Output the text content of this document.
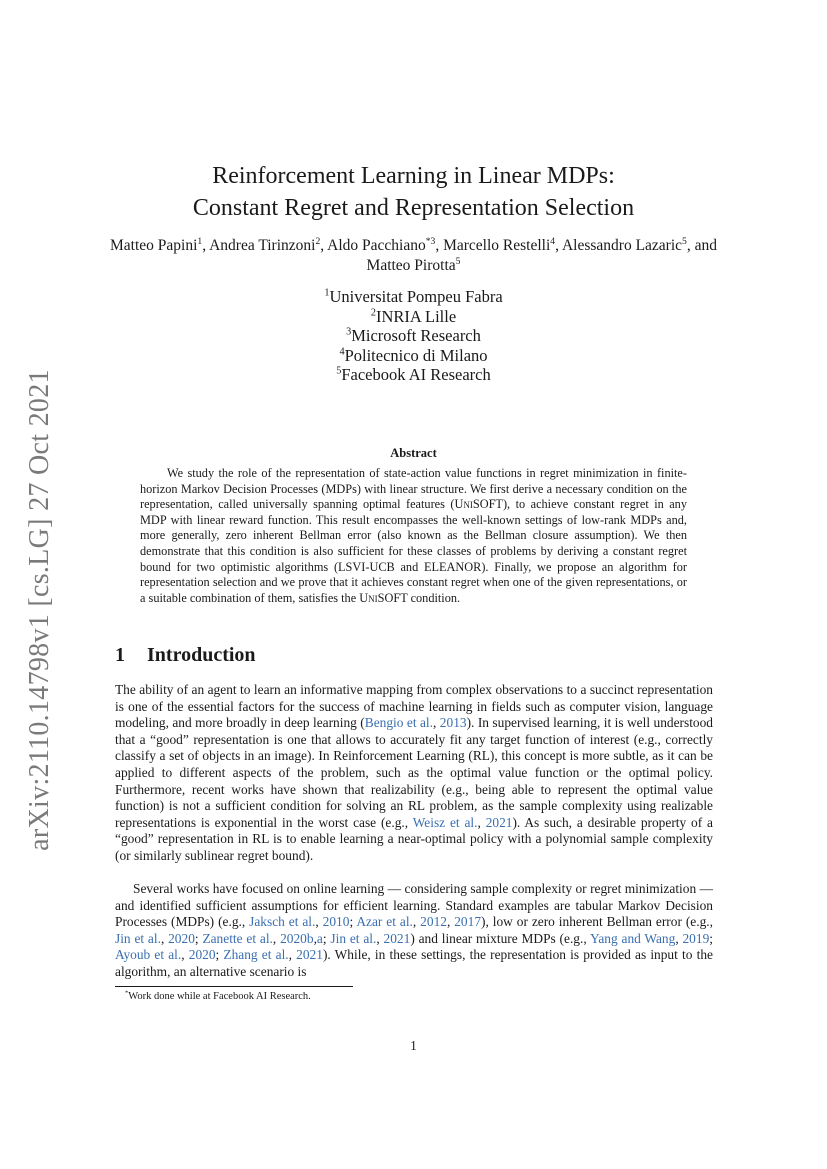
arXiv:2110.14798v1 [cs.LG] 27 Oct 2021
Reinforcement Learning in Linear MDPs:
Constant Regret and Representation Selection
Matteo Papini$^1$, Andrea Tirinzoni$^2$, Aldo Pacchiano$^{*3}$, Marcello Restelli$^4$, Alessandro Lazaric$^5$, and Matteo Pirotta$^5$
$^1$Universitat Pompeu Fabra
$^2$INRIA Lille
$^3$Microsoft Research
$^4$Politecnico di Milano
$^5$Facebook AI Research
Abstract

We study the role of the representation of state-action value functions in regret minimization in finite-horizon Markov Decision Processes (MDPs) with linear structure. We first derive a necessary condition on the representation, called universally spanning optimal features (UniSOFT), to achieve constant regret in any MDP with linear reward function. This result encompasses the well-known settings of low-rank MDPs and, more generally, zero inherent Bellman error (also known as the Bellman closure assumption). We then demonstrate that this condition is also sufficient for these classes of problems by deriving a constant regret bound for two optimistic algorithms (LSVI-UCB and ELEANOR). Finally, we propose an algorithm for representation selection and we prove that it achieves constant regret when one of the given representations, or a suitable combination of them, satisfies the UniSOFT condition.

1 Introduction

The ability of an agent to learn an informative mapping from complex observations to a succinct representation is one of the essential factors for the success of machine learning in fields such as computer vision, language modeling, and more broadly in deep learning (Bengio et al., 2013). In supervised learning, it is well understood that a “good” representation is one that allows to accurately fit any target function of interest (e.g., correctly classify a set of objects in an image). In Reinforcement Learning (RL), this concept is more subtle, as it can be applied to different aspects of the problem, such as the optimal value function or the optimal policy. Furthermore, recent works have shown that realizability (e.g., being able to represent the optimal value function) is not a sufficient condition for solving an RL problem, as the sample complexity using realizable representations is exponential in the worst case (e.g., Weisz et al., 2021). As such, a desirable property of a “good” representation in RL is to enable learning a near-optimal policy with a polynomial sample complexity (or similarly sublinear regret bound).

Several works have focused on online learning — considering sample complexity or regret minimization — and identified sufficient assumptions for efficient learning. Standard examples are tabular Markov Decision Processes (MDPs) (e.g., Jaksch et al., 2010; Azar et al., 2012, 2017), low or zero inherent Bellman error (e.g., Jin et al., 2020; Zanette et al., 2020b,a; Jin et al., 2021) and linear mixture MDPs (e.g., Yang and Wang, 2019; Ayoub et al., 2020; Zhang et al., 2021). While, in these settings, the representation is provided as input to the algorithm, an alternative scenario is

*Work done while at Facebook AI Research.
1
